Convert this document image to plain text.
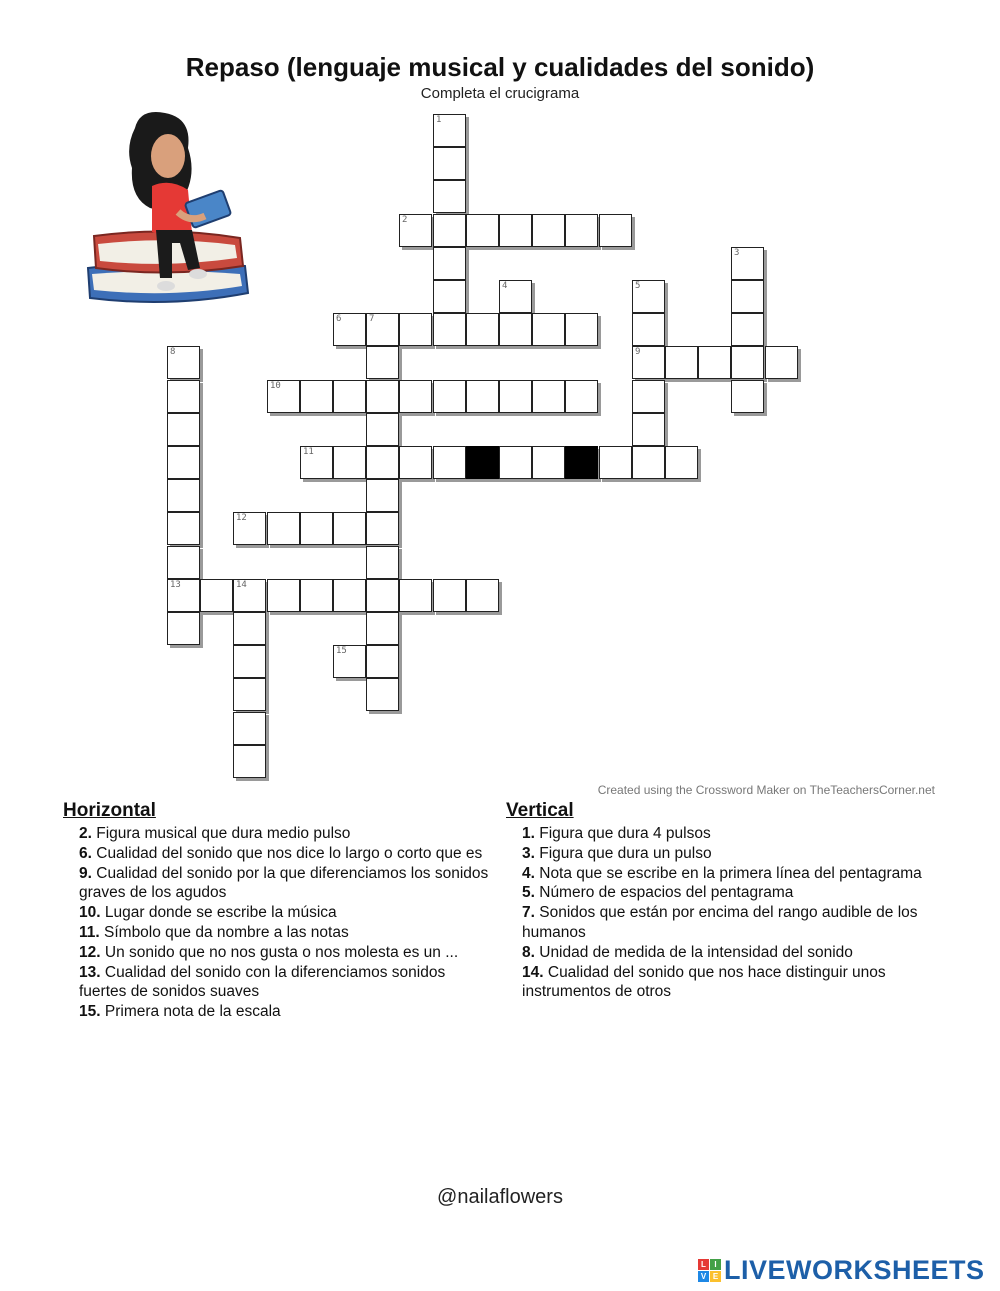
Repaso (lenguaje musical y cualidades del sonido)
Completa el crucigrama
1
2
3
4	5
6	7
8	9
10
11
12
13	14
15
Created using the Crossword Maker on TheTeachersCorner.net
Horizontal
2. Figura musical que dura medio pulso
6. Cualidad del sonido que nos dice lo largo o corto que es
9. Cualidad del sonido por la que diferenciamos los sonidos graves de los agudos
10. Lugar donde se escribe la música
11. Símbolo que da nombre a las notas
12. Un sonido que no nos gusta o nos molesta es un ...
13. Cualidad del sonido con la diferenciamos sonidos fuertes de sonidos suaves
15. Primera nota de la escala
Vertical
1. Figura que dura 4 pulsos
3. Figura que dura un pulso
4. Nota que se escribe en la primera línea del pentagrama
5. Número de espacios del pentagrama
7. Sonidos que están por encima del rango audible de los humanos
8. Unidad de medida de la intensidad del sonido
14. Cualidad del sonido que nos hace distinguir unos instrumentos de otros
@nailaflowers
L	I
V E LIVEWORKSHEETS
